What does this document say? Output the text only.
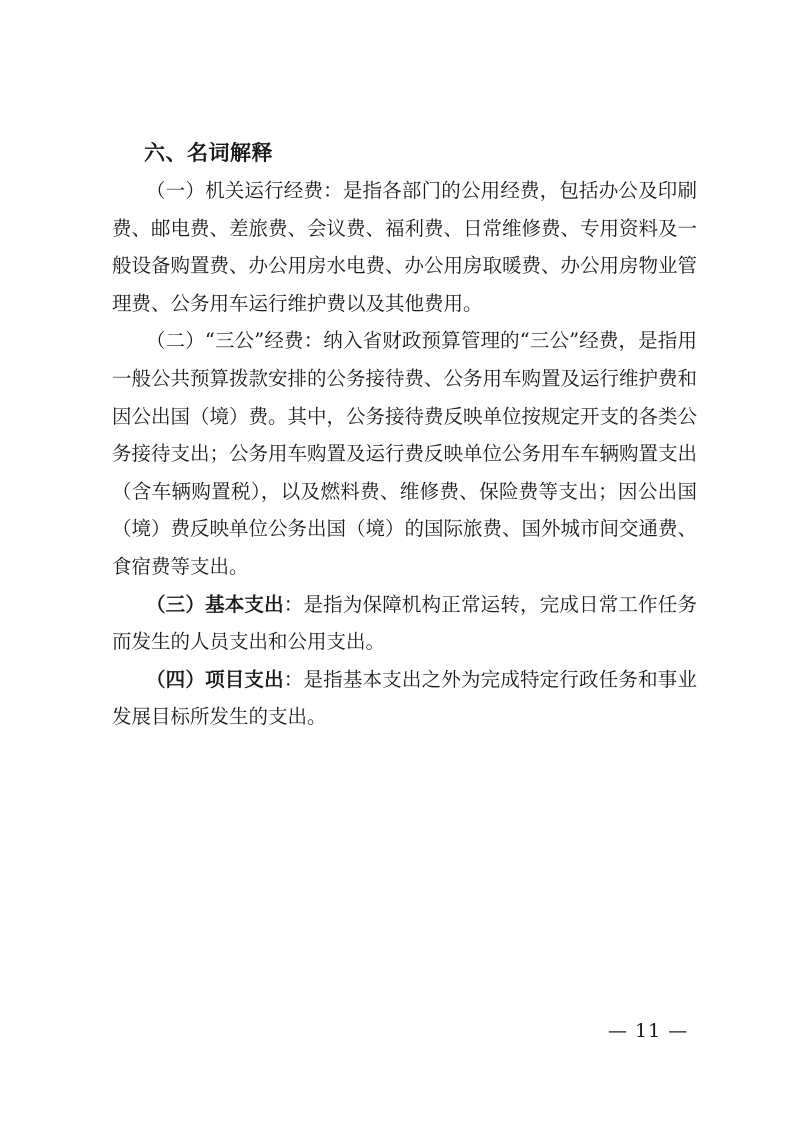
六、名词解释

（一）机关运行经费：是指各部门的公用经费，包括办公及印刷费、邮电费、差旅费、会议费、福利费、日常维修费、专用资料及一般设备购置费、办公用房水电费、办公用房取暖费、办公用房物业管理费、公务用车运行维护费以及其他费用。

（二）“三公”经费：纳入省财政预算管理的“三公”经费，是指用一般公共预算拨款安排的公务接待费、公务用车购置及运行维护费和因公出国（境）费。其中，公务接待费反映单位按规定开支的各类公务接待支出；公务用车购置及运行费反映单位公务用车车辆购置支出（含车辆购置税），以及燃料费、维修费、保险费等支出；因公出国（境）费反映单位公务出国（境）的国际旅费、国外城市间交通费、食宿费等支出。

（三）基本支出：是指为保障机构正常运转，完成日常工作任务而发生的人员支出和公用支出。

（四）项目支出：是指基本支出之外为完成特定行政任务和事业发展目标所发生的支出。

— 11 —
